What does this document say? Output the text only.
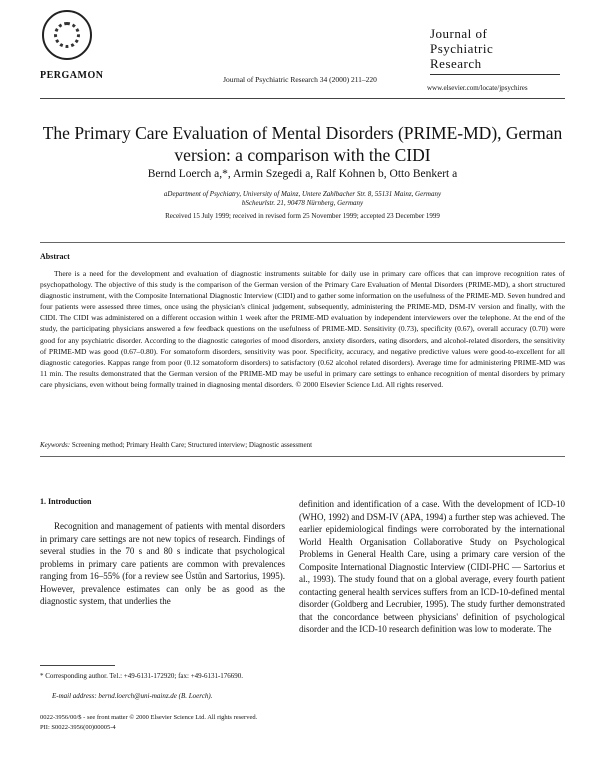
PERGAMON	Journal of Psychiatric Research 34 (2000) 211–220
Journal of
Psychiatric
Research
www.elsevier.com/locate/jpsychires
The Primary Care Evaluation of Mental Disorders (PRIME-MD), German version: a comparison with the CIDI
Bernd Loerch a,*, Armin Szegedi a, Ralf Kohnen b, Otto Benkert a
aDepartment of Psychiatry, University of Mainz, Untere Zahlbacher Str. 8, 55131 Mainz, Germany
bScheurlstr. 21, 90478 Nürnberg, Germany
Received 15 July 1999; received in revised form 25 November 1999; accepted 23 December 1999
Abstract
There is a need for the development and evaluation of diagnostic instruments suitable for daily use in primary care offices that can improve recognition rates of psychopathology. The objective of this study is the comparison of the German version of the Primary Care Evaluation of Mental Disorders (PRIME-MD), a short structured diagnostic instrument, with the Composite International Diagnostic Interview (CIDI) and to gather some information on the usefulness of the PRIME-MD. Seven hundred and four patients were assessed three times, once using the physician's clinical judgement, subsequently, administering the PRIME-MD, DSM-IV version and finally, with the CIDI. The CIDI was administered on a different occasion within 1 week after the PRIME-MD evaluation by independent interviewers over the telephone. At the end of the study, the participating physicians answered a few feedback questions on the usefulness of PRIME-MD. Sensitivity (0.73), specificity (0.67), overall accuracy (0.70) were good for any psychiatric disorder. According to the diagnostic categories of mood disorders, anxiety disorders, eating disorders, and alcohol-related disorders, the sensitivity of PRIME-MD was good (0.67–0.80). For somatoform disorders, sensitivity was poor. Specificity, accuracy, and negative predictive values were good-to-excellent for all diagnostic categories. Kappas range from poor (0.12 somatoform disorders) to satisfactory (0.62 alcohol related disorders). Average time for administering PRIME-MD was 11 min. The results demonstrated that the German version of the PRIME-MD may be useful in primary care settings to enhance recognition of mental disorders by primary care physicians, even without being formally trained in diagnosing mental disorders. © 2000 Elsevier Science Ltd. All rights reserved.
Keywords: Screening method; Primary Health Care; Structured interview; Diagnostic assessment
1. Introduction
Recognition and management of patients with mental disorders in primary care settings are not new topics of research. Findings of several studies in the 70 s and 80 s indicate that psychological problems in primary care patients are common with prevalences ranging from 16–55% (for a review see Üstün and Sartorius, 1995). However, prevalence estimates can only be as good as the diagnostic system, that underlies the
definition and identification of a case. With the development of ICD-10 (WHO, 1992) and DSM-IV (APA, 1994) a further step was achieved. The earlier epidemiological findings were corroborated by the international World Health Organisation Collaborative Study on Psychological Problems in General Health Care, using a primary care version of the Composite International Diagnostic Interview (CIDI-PHC — Sartorius et al., 1993). The study found that on a global average, every fourth patient contacting general health services suffers from an ICD-10-defined mental disorder (Goldberg and Lecrubier, 1995). The study further demonstrated that the concordance between physicians' definition of psychological disorder and the ICD-10 research definition was low to moderate. The
* Corresponding author. Tel.: +49-6131-172920; fax: +49-6131-176690.
E-mail address: bernd.loerch@uni-mainz.de (B. Loerch).
0022-3956/00/$ - see front matter © 2000 Elsevier Science Ltd. All rights reserved.
PII: S0022-3956(00)00005-4
